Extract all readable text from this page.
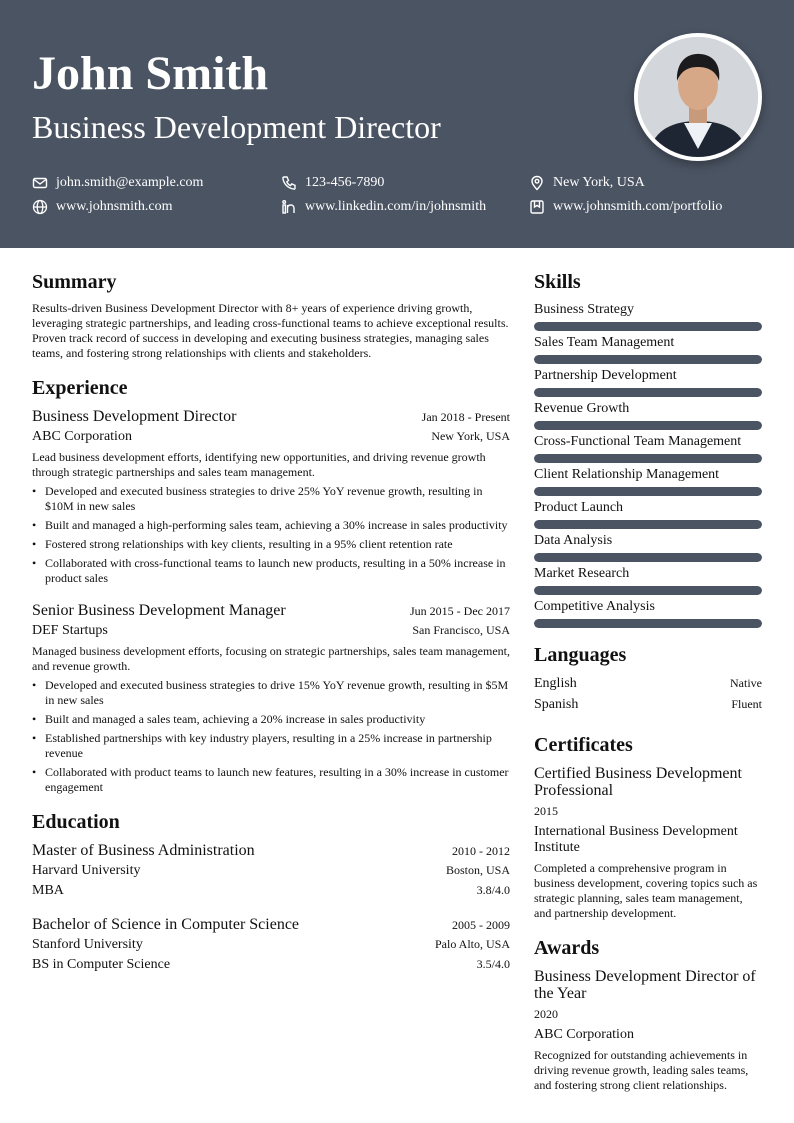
John Smith
Business Development Director
john.smith@example.com	123-456-7890	New York, USA
www.johnsmith.com	www.linkedin.com/in/johnsmith	www.johnsmith.com/portfolio
Summary

Results-driven Business Development Director with 8+ years of experience driving growth, leveraging strategic partnerships, and leading cross-functional teams to achieve exceptional results. Proven track record of success in developing and executing business strategies, managing sales teams, and fostering strong relationships with clients and stakeholders.

Experience
Business Development Director	Jan 2018 - Present
ABC Corporation	New York, USA

Lead business development efforts, identifying new opportunities, and driving revenue growth through strategic partnerships and sales team management.

• Developed and executed business strategies to drive 25% YoY revenue growth, resulting in $10M in new sales
• Built and managed a high-performing sales team, achieving a 30% increase in sales productivity
• Fostered strong relationships with key clients, resulting in a 95% client retention rate
• Collaborated with cross-functional teams to launch new products, resulting in a 50% increase in product sales
Senior Business Development Manager	Jun 2015 - Dec 2017
DEF Startups	San Francisco, USA

Managed business development efforts, focusing on strategic partnerships, sales team management, and revenue growth.

• Developed and executed business strategies to drive 15% YoY revenue growth, resulting in $5M in new sales
• Built and managed a sales team, achieving a 20% increase in sales productivity
• Established partnerships with key industry players, resulting in a 25% increase in partnership revenue
• Collaborated with product teams to launch new features, resulting in a 30% increase in customer engagement
Education
Master of Business Administration	2010 - 2012
Harvard University	Boston, USA
MBA	3.8/4.0
Bachelor of Science in Computer Science	2005 - 2009
Stanford University	Palo Alto, USA
BS in Computer Science	3.5/4.0
Skills
Business Strategy
Sales Team Management
Partnership Development
Revenue Growth
Cross-Functional Team Management
Client Relationship Management
Product Launch
Data Analysis
Market Research
Competitive Analysis
Languages
English	Native
Spanish	Fluent
Certificates
Certified Business Development Professional
2015
International Business Development Institute
Completed a comprehensive program in business development, covering topics such as strategic planning, sales team management, and partnership development.
Awards
Business Development Director of the Year
2020
ABC Corporation
Recognized for outstanding achievements in driving revenue growth, leading sales teams, and fostering strong client relationships.
